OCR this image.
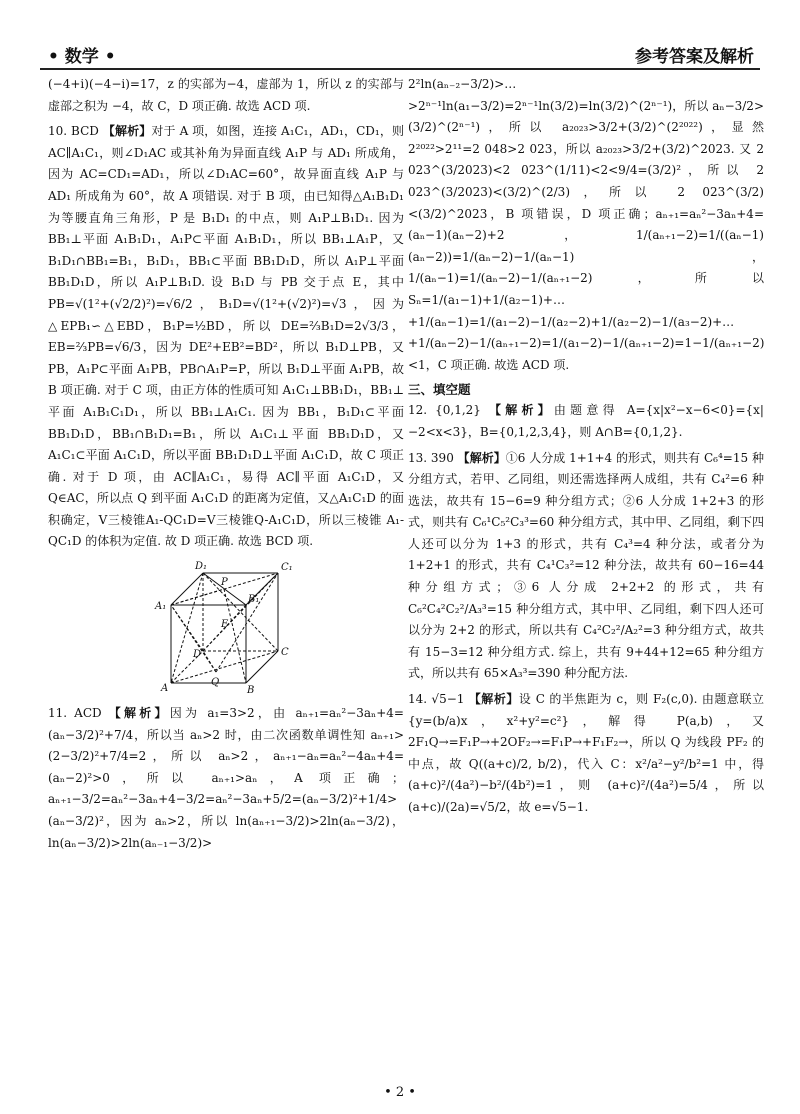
• 数学 •	参考答案及解析

(−4+i)(−4−i)=17，z 的实部为−4，虚部为 1，所以 z 的实部与虚部之积为 −4，故 C，D 项正确. 故选 ACD 项.

10. BCD 【解析】对于 A 项，如图，连接 A₁C₁，AD₁，CD₁，则 AC∥A₁C₁，则∠D₁AC 或其补角为异面直线 A₁P 与 AD₁ 所成角，因为 AC=CD₁=AD₁，所以∠D₁AC=60°，故异面直线 A₁P 与 AD₁ 所成角为 60°，故 A 项错误. 对于 B 项，由已知得△A₁B₁D₁ 为等腰直角三角形，P 是 B₁D₁ 的中点，则 A₁P⊥B₁D₁. 因为 BB₁⊥平面 A₁B₁D₁，A₁P⊂平面 A₁B₁D₁，所以 BB₁⊥A₁P，又 B₁D₁∩BB₁=B₁，B₁D₁，BB₁⊂平面 BB₁D₁D，所以 A₁P⊥平面 BB₁D₁D，所以 A₁P⊥B₁D. 设 B₁D 与 PB 交于点 E，其中 PB=√(1²+(√2/2)²)=√6/2，B₁D=√(1²+(√2)²)=√3，因为△EPB₁∽△EBD，B₁P=½BD，所以 DE=⅔B₁D=2√3/3，EB=⅔PB=√6/3，因为 DE²+EB²=BD²，所以 B₁D⊥PB，又 PB，A₁P⊂平面 A₁PB，PB∩A₁P=P，所以 B₁D⊥平面 A₁PB，故 B 项正确. 对于 C 项，由正方体的性质可知 A₁C₁⊥BB₁D₁，BB₁⊥平面 A₁B₁C₁D₁，所以 BB₁⊥A₁C₁. 因为 BB₁，B₁D₁⊂平面 BB₁D₁D，BB₁∩B₁D₁=B₁，所以 A₁C₁⊥平面 BB₁D₁D，又 A₁C₁⊂平面 A₁C₁D，所以平面 BB₁D₁D⊥平面 A₁C₁D，故 C 项正确. 对于 D 项，由 AC∥A₁C₁，易得 AC∥平面 A₁C₁D，又 Q∈AC，所以点 Q 到平面 A₁C₁D 的距离为定值，又△A₁C₁D 的面积确定，V三棱锥A₁-QC₁D=V三棱锥Q-A₁C₁D，所以三棱锥 A₁-QC₁D 的体积为定值. 故 D 项正确. 故选 BCD 项.

D₁	C₁
A₁
P
B₁
E
D	C
A
Q
B

11. ACD 【解析】因为 a₁=3>2，由 aₙ₊₁=aₙ²−3aₙ+4=(aₙ−3/2)²+7/4，所以当 aₙ>2 时，由二次函数单调性知 aₙ₊₁>(2−3/2)²+7/4=2，所以 aₙ>2，aₙ₊₁−aₙ=aₙ²−4aₙ+4=(aₙ−2)²>0，所以 aₙ₊₁>aₙ，A 项正确；aₙ₊₁−3/2=aₙ²−3aₙ+4−3/2=aₙ²−3aₙ+5/2=(aₙ−3/2)²+1/4>(aₙ−3/2)²，因为 aₙ>2，所以 ln(aₙ₊₁−3/2)>2ln(aₙ−3/2)，ln(aₙ−3/2)>2ln(aₙ₋₁−3/2)>

2²ln(aₙ₋₂−3/2)>…>2ⁿ⁻¹ln(a₁−3/2)=2ⁿ⁻¹ln(3/2)=ln(3/2)^(2ⁿ⁻¹)，所以 aₙ−3/2>(3/2)^(2ⁿ⁻¹)，所以 a₂₀₂₃>3/2+(3/2)^(2²⁰²²)，显然 2²⁰²²>2¹¹=2 048>2 023，所以 a₂₀₂₃>3/2+(3/2)^2023. 又 2 023^(3/2023)<2 023^(1/11)<2<9/4=(3/2)²，所以 2 023^(3/2023)<(3/2)^(2/3)，所以 2 023^(3/2)<(3/2)^2023，B 项错误，D 项正确；aₙ₊₁=aₙ²−3aₙ+4=(aₙ−1)(aₙ−2)+2，1/(aₙ₊₁−2)=1/((aₙ−1)(aₙ−2))=1/(aₙ−2)−1/(aₙ−1)，1/(aₙ−1)=1/(aₙ−2)−1/(aₙ₊₁−2)，所以 Sₙ=1/(a₁−1)+1/(a₂−1)+…+1/(aₙ−1)=1/(a₁−2)−1/(a₂−2)+1/(a₂−2)−1/(a₃−2)+…+1/(aₙ−2)−1/(aₙ₊₁−2)=1/(a₁−2)−1/(aₙ₊₁−2)=1−1/(aₙ₊₁−2)<1，C 项正确. 故选 ACD 项.

三、填空题

12. {0,1,2} 【解析】由题意得 A={x|x²−x−6<0}={x|−2<x<3}，B={0,1,2,3,4}，则 A∩B={0,1,2}.

13. 390 【解析】①6 人分成 1+1+4 的形式，则共有 C₆⁴=15 种分组方式，若甲、乙同组，则还需选择两人成组，共有 C₄²=6 种选法，故共有 15−6=9 种分组方式；②6 人分成 1+2+3 的形式，则共有 C₆¹C₅²C₃³=60 种分组方式，其中甲、乙同组，剩下四人还可以分为 1+3 的形式，共有 C₄³=4 种分法，或者分为 1+2+1 的形式，共有 C₄¹C₃²=12 种分法，故共有 60−16=44 种分组方式；③6 人分成 2+2+2 的形式，共有 C₆²C₄²C₂²/A₃³=15 种分组方式，其中甲、乙同组，剩下四人还可以分为 2+2 的形式，所以共有 C₄²C₂²/A₂²=3 种分组方式，故共有 15−3=12 种分组方式. 综上，共有 9+44+12=65 种分组方式，所以共有 65×A₃³=390 种分配方法.

14. √5−1 【解析】设 C 的半焦距为 c，则 F₂(c,0). 由题意联立 {y=(b/a)x，x²+y²=c²}，解得 P(a,b)，又 2F₁Q→=F₁P→+2OF₂→=F₁P→+F₁F₂→，所以 Q 为线段 PF₂ 的中点，故 Q((a+c)/2, b/2)，代入 C：x²/a²−y²/b²=1 中，得 (a+c)²/(4a²)−b²/(4b²)=1，则 (a+c)²/(4a²)=5/4，所以 (a+c)/(2a)=√5/2，故 e=√5−1.

• 2 •
